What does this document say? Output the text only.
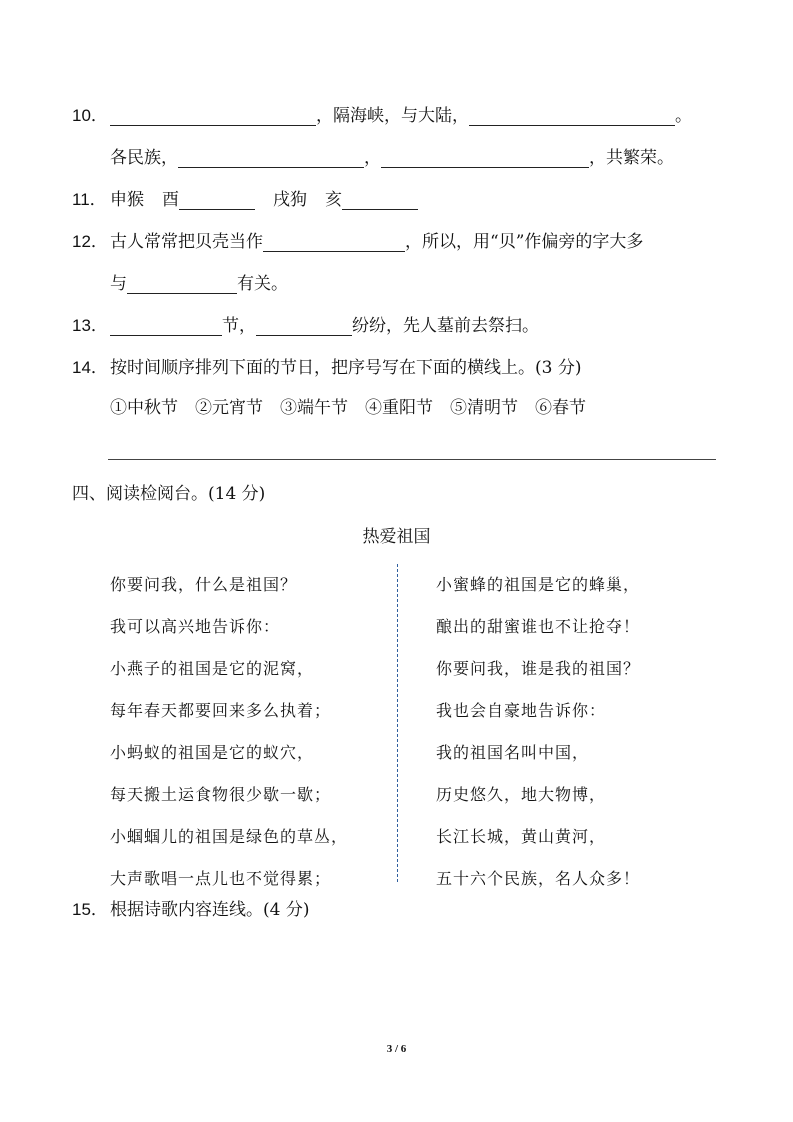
10．	，隔海峡，与大陆，	。
各民族，	，	，共繁荣。
11． 申猴 酉	戌狗 亥
12． 古人常常把贝壳当作	，所以，用“贝”作偏旁的字大多
与	有关。
13．	节，	纷纷，先人墓前去祭扫。
14． 按时间顺序排列下面的节日，把序号写在下面的横线上。(3 分)
①中秋节 ②元宵节 ③端午节 ④重阳节 ⑤清明节 ⑥春节
四、阅读检阅台。(14 分)
热爱祖国
你要问我，什么是祖国？
我可以高兴地告诉你：
小燕子的祖国是它的泥窝，
每年春天都要回来多么执着；
小蚂蚁的祖国是它的蚁穴，
每天搬土运食物很少歇一歇；
小蝈蝈儿的祖国是绿色的草丛，
大声歌唱一点儿也不觉得累；
小蜜蜂的祖国是它的蜂巢，
酿出的甜蜜谁也不让抢夺！
你要问我，谁是我的祖国？
我也会自豪地告诉你：
我的祖国名叫中国，
历史悠久，地大物博，
长江长城，黄山黄河，
五十六个民族，名人众多！
15． 根据诗歌内容连线。(4 分)
3 / 6
